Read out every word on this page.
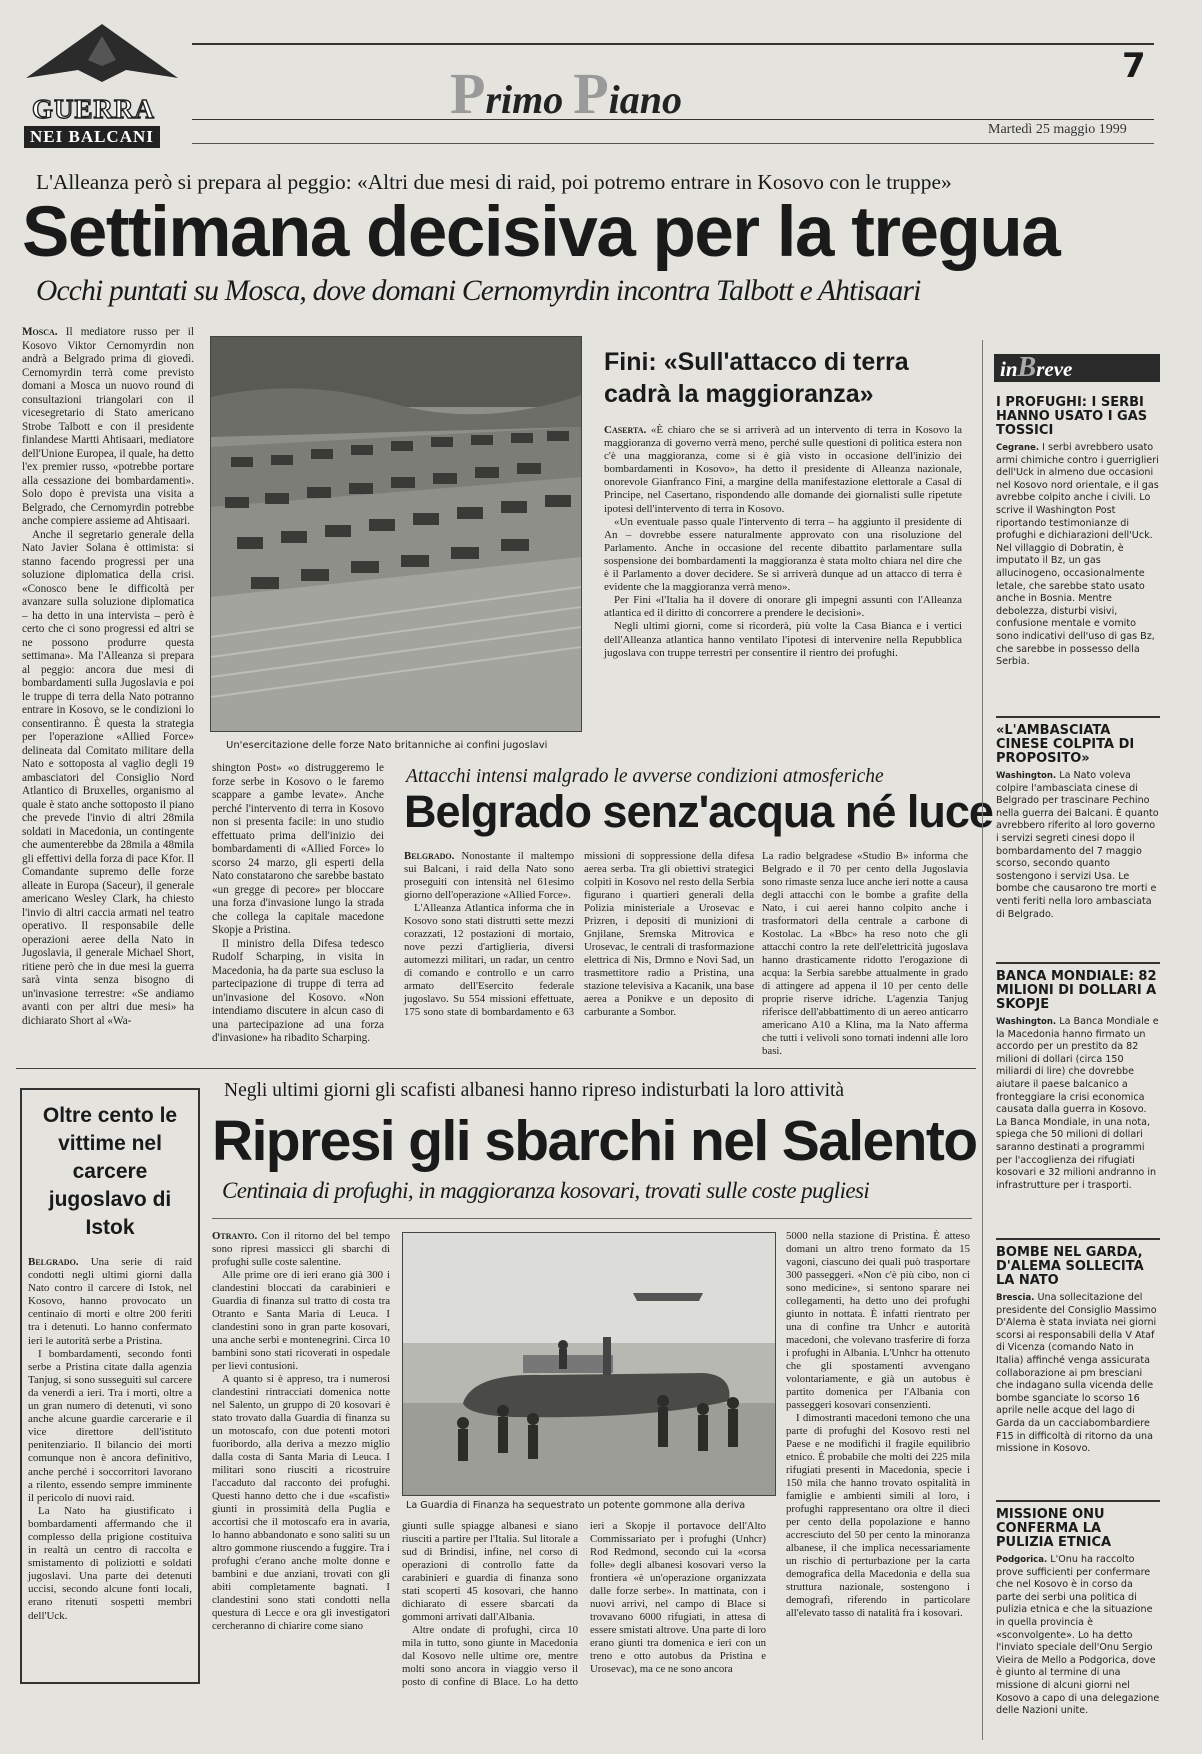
GUERRA
NEI BALCANI
Primo Piano
7
Martedì 25 maggio 1999
L'Alleanza però si prepara al peggio: «Altri due mesi di raid, poi potremo entrare in Kosovo con le truppe»
Settimana decisiva per la tregua
Occhi puntati su Mosca, dove domani Cernomyrdin incontra Talbott e Ahtisaari

Mosca. Il mediatore russo per il Kosovo Viktor Cernomyrdin non andrà a Belgrado prima di giovedì. Cernomyrdin terrà come previsto domani a Mosca un nuovo round di consultazioni triangolari con il vicesegretario di Stato americano Strobe Talbott e con il presidente finlandese Martti Ahtisaari, mediatore dell'Unione Europea, il quale, ha detto l'ex premier russo, «potrebbe portare alla cessazione dei bombardamenti». Solo dopo è prevista una visita a Belgrado, che Cernomyrdin potrebbe anche compiere assieme ad Ahtisaari.

Anche il segretario generale della Nato Javier Solana è ottimista: si stanno facendo progressi per una soluzione diplomatica della crisi. «Conosco bene le difficoltà per avanzare sulla soluzione diplomatica – ha detto in una intervista – però è certo che ci sono progressi ed altri se ne possono produrre questa settimana». Ma l'Alleanza si prepara al peggio: ancora due mesi di bombardamenti sulla Jugoslavia e poi le truppe di terra della Nato potranno entrare in Kosovo, se le condizioni lo consentiranno. È questa la strategia per l'operazione «Allied Force» delineata dal Comitato militare della Nato e sottoposta al vaglio degli 19 ambasciatori del Consiglio Nord Atlantico di Bruxelles, organismo al quale è stato anche sottoposto il piano che prevede l'invio di altri 28mila soldati in Macedonia, un contingente che aumenterebbe da 28mila a 48mila gli effettivi della forza di pace Kfor. Il Comandante supremo delle forze alleate in Europa (Saceur), il generale americano Wesley Clark, ha chiesto l'invio di altri caccia armati nel teatro operativo. Il responsabile delle operazioni aeree della Nato in Jugoslavia, il generale Michael Short, ritiene però che in due mesi la guerra sarà vinta senza bisogno di un'invasione terrestre: «Se andiamo avanti con per altri due mesi» ha dichiarato Short al «Wa-

Un'esercitazione delle forze Nato britanniche ai confini jugoslavi
Fini: «Sull'attacco di terra cadrà la maggioranza»

Caserta. «È chiaro che se si arriverà ad un intervento di terra in Kosovo la maggioranza di governo verrà meno, perché sulle questioni di politica estera non c'è una maggioranza, come si è già visto in occasione dell'inizio dei bombardamenti in Kosovo», ha detto il presidente di Alleanza nazionale, onorevole Gianfranco Fini, a margine della manifestazione elettorale a Casal di Principe, nel Casertano, rispondendo alle domande dei giornalisti sulle ripetute ipotesi dell'intervento di terra in Kosovo.

«Un eventuale passo quale l'intervento di terra – ha aggiunto il presidente di An – dovrebbe essere naturalmente approvato con una risoluzione del Parlamento. Anche in occasione del recente dibattito parlamentare sulla sospensione dei bombardamenti la maggioranza è stata molto chiara nel dire che è il Parlamento a dover decidere. Se si arriverà dunque ad un attacco di terra è evidente che la maggioranza verrà meno».

Per Fini «l'Italia ha il dovere di onorare gli impegni assunti con l'Alleanza atlantica ed il diritto di concorrere a prendere le decisioni».

Negli ultimi giorni, come si ricorderà, più volte la Casa Bianca e i vertici dell'Alleanza atlantica hanno ventilato l'ipotesi di intervenire nella Repubblica jugoslava con truppe terrestri per consentire il rientro dei profughi.

shington Post» «o distruggeremo le forze serbe in Kosovo o le faremo scappare a gambe levate». Anche perché l'intervento di terra in Kosovo non si presenta facile: in uno studio effettuato prima dell'inizio dei bombardamenti di «Allied Force» lo scorso 24 marzo, gli esperti della Nato constatarono che sarebbe bastato «un gregge di pecore» per bloccare una forza d'invasione lungo la strada che collega la capitale macedone Skopje a Pristina.

Il ministro della Difesa tedesco Rudolf Scharping, in visita in Macedonia, ha da parte sua escluso la partecipazione di truppe di terra ad un'invasione del Kosovo. «Non intendiamo discutere in alcun caso di una partecipazione ad una forza d'invasione» ha ribadito Scharping.

Attacchi intensi malgrado le avverse condizioni atmosferiche
Belgrado senz'acqua né luce

Belgrado. Nonostante il maltempo sui Balcani, i raid della Nato sono proseguiti con intensità nel 61esimo giorno dell'operazione «Allied Force».

L'Alleanza Atlantica informa che in Kosovo sono stati distrutti sette mezzi corazzati, 12 postazioni di mortaio, nove pezzi d'artiglieria, diversi automezzi militari, un radar, un centro di comando e controllo e un carro armato dell'Esercito federale jugoslavo. Su 554 missioni effettuate, 175 sono state di bombardamento e 63 missioni di soppressione della difesa aerea serba. Tra gli obiettivi strategici colpiti in Kosovo nel resto della Serbia figurano i quartieri generali della Polizia ministeriale a Urosevac e Prizren, i depositi di munizioni di Gnjilane, Sremska Mitrovica e Urosevac, le centrali di trasformazione elettrica di Nis, Drmno e Novi Sad, un trasmettitore radio a Pristina, una stazione televisiva a Kacanik, una base aerea a Ponikve e un deposito di carburante a Sombor.

La radio belgradese «Studio B» informa che Belgrado e il 70 per cento della Jugoslavia sono rimaste senza luce anche ieri notte a causa degli attacchi con le bombe a grafite della Nato, i cui aerei hanno colpito anche i trasformatori della centrale a carbone di Kostolac. La «Bbc» ha reso noto che gli attacchi contro la rete dell'elettricità jugoslava hanno drasticamente ridotto l'erogazione di acqua: la Serbia sarebbe attualmente in grado di attingere ad appena il 10 per cento delle proprie riserve idriche. L'agenzia Tanjug riferisce dell'abbattimento di un aereo anticarro americano A10 a Klina, ma la Nato afferma che tutti i velivoli sono tornati indenni alle loro basi.

Oltre cento le vittime nel carcere jugoslavo di Istok

Belgrado. Una serie di raid condotti negli ultimi giorni dalla Nato contro il carcere di Istok, nel Kosovo, hanno provocato un centinaio di morti e oltre 200 feriti tra i detenuti. Lo hanno confermato ieri le autorità serbe a Pristina.

I bombardamenti, secondo fonti serbe a Pristina citate dalla agenzia Tanjug, si sono susseguiti sul carcere da venerdì a ieri. Tra i morti, oltre a un gran numero di detenuti, vi sono anche alcune guardie carcerarie e il vice direttore dell'istituto penitenziario. Il bilancio dei morti comunque non è ancora definitivo, anche perché i soccorritori lavorano a rilento, essendo sempre imminente il pericolo di nuovi raid.

La Nato ha giustificato i bombardamenti affermando che il complesso della prigione costituiva in realtà un centro di raccolta e smistamento di poliziotti e soldati jugoslavi. Una parte dei detenuti uccisi, secondo alcune fonti locali, erano ritenuti sospetti membri dell'Uck.

Negli ultimi giorni gli scafisti albanesi hanno ripreso indisturbati la loro attività
Ripresi gli sbarchi nel Salento
Centinaia di profughi, in maggioranza kosovari, trovati sulle coste pugliesi

Otranto. Con il ritorno del bel tempo sono ripresi massicci gli sbarchi di profughi sulle coste salentine.

Alle prime ore di ieri erano già 300 i clandestini bloccati da carabinieri e Guardia di finanza sul tratto di costa tra Otranto e Santa Maria di Leuca. I clandestini sono in gran parte kosovari, una anche serbi e montenegrini. Circa 10 bambini sono stati ricoverati in ospedale per lievi contusioni.

A quanto si è appreso, tra i numerosi clandestini rintracciati domenica notte nel Salento, un gruppo di 20 kosovari è stato trovato dalla Guardia di finanza su un motoscafo, con due potenti motori fuoribordo, alla deriva a mezzo miglio dalla costa di Santa Maria di Leuca. I militari sono riusciti a ricostruire l'accaduto dal racconto dei profughi. Questi hanno detto che i due «scafisti» giunti in prossimità della Puglia e accortisi che il motoscafo era in avaria, lo hanno abbandonato e sono saliti su un altro gommone riuscendo a fuggire. Tra i profughi c'erano anche molte donne e bambini e due anziani, trovati con gli abiti completamente bagnati. I clandestini sono stati condotti nella questura di Lecce e ora gli investigatori cercheranno di chiarire come siano

La Guardia di Finanza ha sequestrato un potente gommone alla deriva

giunti sulle spiagge albanesi e siano riusciti a partire per l'Italia. Sul litorale a sud di Brindisi, infine, nel corso di operazioni di controllo fatte da carabinieri e guardia di finanza sono stati scoperti 45 kosovari, che hanno dichiarato di essere sbarcati da gommoni arrivati dall'Albania.

Altre ondate di profughi, circa 10 mila in tutto, sono giunte in Macedonia dal Kosovo nelle ultime ore, mentre molti sono ancora in viaggio verso il posto di confine di Blace. Lo ha detto ieri a Skopje il portavoce dell'Alto Commissariato per i profughi (Unhcr) Rod Redmond, secondo cui la «corsa folle» degli albanesi kosovari verso la frontiera «è un'operazione organizzata dalle forze serbe». In mattinata, con i nuovi arrivi, nel campo di Blace si trovavano 6000 rifugiati, in attesa di essere smistati altrove. Una parte di loro erano giunti tra domenica e ieri con un treno e otto autobus da Pristina e Urosevac), ma ce ne sono ancora

5000 nella stazione di Pristina. È atteso domani un altro treno formato da 15 vagoni, ciascuno dei quali può trasportare 300 passeggeri. «Non c'è più cibo, non ci sono medicine», si sentono sparare nei collegamenti, ha detto uno dei profughi giunto in nottata. È infatti rientrato per una di confine tra Unhcr e autorità macedoni, che volevano trasferire di forza i profughi in Albania. L'Unhcr ha ottenuto che gli spostamenti avvengano volontariamente, e già un autobus è partito domenica per l'Albania con passeggeri kosovari consenzienti.

I dimostranti macedoni temono che una parte di profughi del Kosovo resti nel Paese e ne modifichi il fragile equilibrio etnico. È probabile che molti dei 225 mila rifugiati presenti in Macedonia, specie i 150 mila che hanno trovato ospitalità in famiglie e ambienti simili al loro, i profughi rappresentano ora oltre il dieci per cento della popolazione e hanno accresciuto del 50 per cento la minoranza albanese, il che implica necessariamente un rischio di perturbazione per la carta demografica della Macedonia e della sua struttura nazionale, sostengono i demografi, riferendo in particolare all'elevato tasso di natalità fra i kosovari.

inBreve
I PROFUGHI: I SERBI HANNO USATO I GAS TOSSICI

Cegrane. I serbi avrebbero usato armi chimiche contro i guerriglieri dell'Uck in almeno due occasioni nel Kosovo nord orientale, e il gas avrebbe colpito anche i civili. Lo scrive il Washington Post riportando testimonianze di profughi e dichiarazioni dell'Uck. Nel villaggio di Dobratin, è imputato il Bz, un gas allucinogeno, occasionalmente letale, che sarebbe stato usato anche in Bosnia. Mentre debolezza, disturbi visivi, confusione mentale e vomito sono indicativi dell'uso di gas Bz, che sarebbe in possesso della Serbia.

«L'AMBASCIATA CINESE COLPITA DI PROPOSITO»

Washington. La Nato voleva colpire l'ambasciata cinese di Belgrado per trascinare Pechino nella guerra dei Balcani. È quanto avrebbero riferito al loro governo i servizi segreti cinesi dopo il bombardamento del 7 maggio scorso, secondo quanto sostengono i servizi Usa. Le bombe che causarono tre morti e venti feriti nella loro ambasciata di Belgrado.

BANCA MONDIALE: 82 MILIONI DI DOLLARI A SKOPJE

Washington. La Banca Mondiale e la Macedonia hanno firmato un accordo per un prestito da 82 milioni di dollari (circa 150 miliardi di lire) che dovrebbe aiutare il paese balcanico a fronteggiare la crisi economica causata dalla guerra in Kosovo. La Banca Mondiale, in una nota, spiega che 50 milioni di dollari saranno destinati a programmi per l'accoglienza dei rifugiati kosovari e 32 milioni andranno in infrastrutture per i trasporti.

BOMBE NEL GARDA, D'ALEMA SOLLECITA LA NATO

Brescia. Una sollecitazione del presidente del Consiglio Massimo D'Alema è stata inviata nei giorni scorsi ai responsabili della V Ataf di Vicenza (comando Nato in Italia) affinché venga assicurata collaborazione ai pm bresciani che indagano sulla vicenda delle bombe sganciate lo scorso 16 aprile nelle acque del lago di Garda da un cacciabombardiere F15 in difficoltà di ritorno da una missione in Kosovo.

MISSIONE ONU CONFERMA LA PULIZIA ETNICA

Podgorica. L'Onu ha raccolto prove sufficienti per confermare che nel Kosovo è in corso da parte dei serbi una politica di pulizia etnica e che la situazione in quella provincia è «sconvolgente». Lo ha detto l'inviato speciale dell'Onu Sergio Vieira de Mello a Podgorica, dove è giunto al termine di una missione di alcuni giorni nel Kosovo a capo di una delegazione delle Nazioni unite.
